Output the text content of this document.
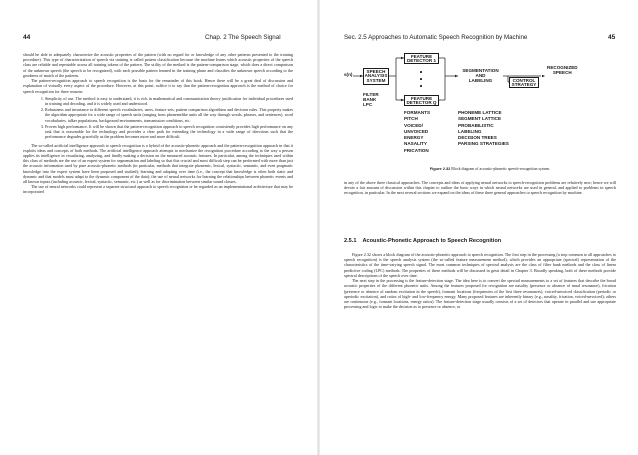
44	Chap. 2 The Speech Signal

should be able to adequately characterize the acoustic properties of the pattern (with no regard for or knowledge of any other patterns presented to the training procedure). This type of characterization of speech via training is called pattern classification because the machine learns which acoustic properties of the speech class are reliable and repeatable across all training tokens of the pattern. The utility of the method is the pattern-comparison stage, which does a direct comparison of the unknown speech (the speech to be recognized), with each possible pattern learned in the training phase and classifies the unknown speech according to the goodness of match of the patterns.

The pattern-recognition approach to speech recognition is the basis for the remainder of this book. Hence there will be a great deal of discussion and explanation of virtually every aspect of the procedure. However, at this point, suffice it to say that the pattern-recognition approach is the method of choice for speech recognition for three reasons:

1. Simplicity of use. The method is easy to understand, it is rich in mathematical and communication theory justification for individual procedures used in training and decoding, and it is widely used and understood.
2. Robustness and invariance to different speech vocabularies, users, feature sets, pattern comparison algorithms and decision rules. This property makes the algorithm appropriate for a wide range of speech units (ranging from phonemelike units all the way through words, phrases, and sentences), word vocabularies, talker populations, background environments, transmission conditions, etc.
3. Proven high performance. It will be shown that the pattern-recognition approach to speech recognition consistently provides high performance on any task that is reasonable for the technology and provides a clear path for extending the technology in a wide range of directions such that the performance degrades gracefully as the problem becomes more and more difficult.

The so-called artificial intelligence approach to speech recognition is a hybrid of the acoustic-phonetic approach and the pattern-recognition approach in that it exploits ideas and concepts of both methods. The artificial intelligence approach attempts to mechanize the recognition procedure according to the way a person applies its intelligence in visualizing, analyzing, and finally making a decision on the measured acoustic features. In particular, among the techniques used within this class of methods are the use of an expert system for segmentation and labeling so that this crucial and most difficult step can be performed with more than just the acoustic information used by pure acoustic-phonetic methods (in particular, methods that integrate phonemic, lexical, syntactic, semantic, and even pragmatic knowledge into the expert system have been proposed and studied); learning and adapting over time (i.e., the concept that knowledge is often both static and dynamic and that models must adapt to the dynamic component of the data); the use of neural networks for learning the relationships between phonetic events and all known inputs (including acoustic, lexical, syntactic, semantic, etc.) as well as for discrimination between similar sound classes.

The use of neural networks could represent a separate structural approach to speech recognition or be regarded as an implementational architecture that may be incorporated

Sec. 2.5 Approaches to Automatic Speech Recognition by Machine	45
s(n)
SPEECH
ANALYSIS
SYSTEM
FEATURE
DETECTOR 1
FEATURE
DETECTOR Q
SEGMENTATION
AND
LABELING	CONTROL
STRATEGY
RECOGNIZED
SPEECH
FILTER
BANK
LPC
FORMANTS
PITCH
VOICED/
UNVOICED
ENERGY
NASALITY
FRICATION
PHONEME LATTICE
SEGMENT LATTICE
PROBABILISTIC
LABELING
DECISION TREES
PARSING STRATEGIES
Figure 2.32 Block diagram of acoustic-phonetic speech-recognition system.

in any of the above three classical approaches. The concepts and ideas of applying neural networks to speech-recognition problems are relatively new; hence we will devote a fair amount of discussion within this chapter to outline the basic ways in which neural networks are used in general, and applied to problems in speech recognition, in particular. In the next several sections we expand on the ideas of these three general approaches to speech recognition by machine.

2.5.1 Acoustic-Phonetic Approach to Speech Recognition

Figure 2.32 shows a block diagram of the acoustic-phonetic approach to speech recognition. The first step in the processing (a step common to all approaches to speech recognition) is the speech analysis system (the so-called feature measurement method), which provides an appropriate (spectral) representation of the characteristics of the time-varying speech signal. The most common techniques of spectral analysis are the class of filter bank methods and the class of linear predictive coding (LPC) methods. The properties of these methods will be discussed in great detail in Chapter 3. Broadly speaking, both of these methods provide spectral descriptions of the speech over time.

The next step in the processing is the feature-detection stage. The idea here is to convert the spectral measurements to a set of features that describe the broad acoustic properties of the different phonetic units. Among the features proposed for recognition are nasality (presence or absence of nasal resonance), frication (presence or absence of random excitation in the speech), formant locations (frequencies of the first three resonances), voiced-unvoiced classification (periodic or aperiodic excitation), and ratios of high- and low-frequency energy. Many proposed features are inherently binary (e.g., nasality, frication, voiced-unvoiced); others are continuous (e.g., formant locations, energy ratios). The feature-detection stage usually consists of a set of detectors that operate in parallel and use appropriate processing and logic to make the decision as to presence or absence, or
